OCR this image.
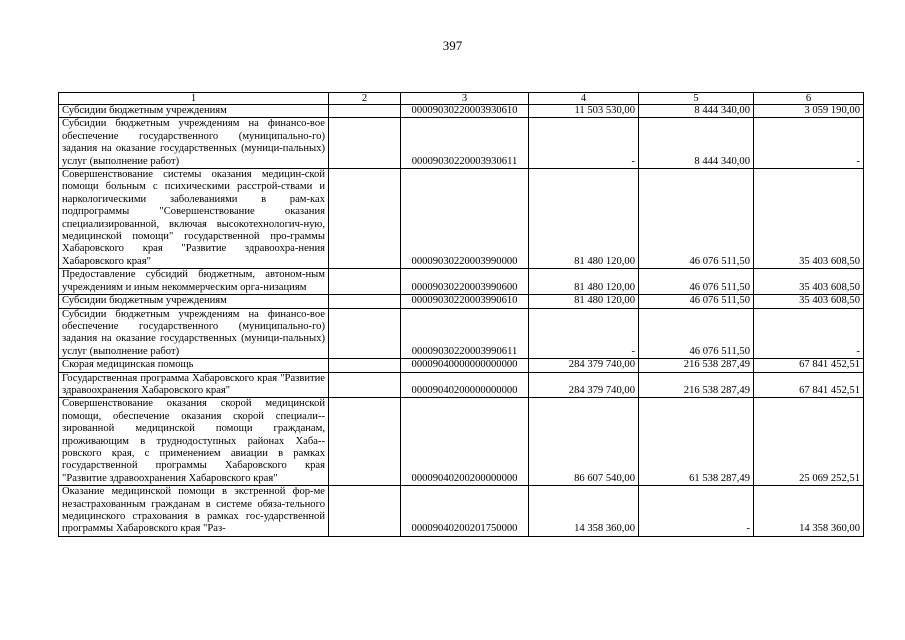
397
1	2	3	4	5	6
Субсидии бюджетным учреждениям		00009030220003930610	11 503 530,00	8 444 340,00	3 059 190,00
Субсидии бюджетным учреждениям на финансо-вое обеспечение государственного (муниципально-го) задания на оказание государственных (муници-пальных) услуг (выполнение работ)		00009030220003930611	-	8 444 340,00	-
Совершенствование системы оказания медицин-ской помощи больным с психическими расстрой-ствами и наркологическими заболеваниями в рам-ках подпрограммы "Совершенствование оказания специализированной, включая высокотехнологич-ную, медицинской помощи" государственной про-граммы Хабаровского края "Развитие здравоохра-нения Хабаровского края"		00009030220003990000	81 480 120,00	46 076 511,50	35 403 608,50
Предоставление субсидий бюджетным, автоном-ным учреждениям и иным некоммерческим орга-низациям		00009030220003990600	81 480 120,00	46 076 511,50	35 403 608,50
Субсидии бюджетным учреждениям		00009030220003990610	81 480 120,00	46 076 511,50	35 403 608,50
Субсидии бюджетным учреждениям на финансо-вое обеспечение государственного (муниципально-го) задания на оказание государственных (муници-пальных) услуг (выполнение работ)		00009030220003990611	-	46 076 511,50	-
Скорая медицинская помощь		00009040000000000000	284 379 740,00	216 538 287,49	67 841 452,51
Государственная программа Хабаровского края "Развитие здравоохранения Хабаровского края"		00009040200000000000	284 379 740,00	216 538 287,49	67 841 452,51
Совершенствование оказания скорой медицинской помощи, обеспечение оказания скорой специали-зированной медицинской помощи гражданам, проживающим в труднодоступных районах Хаба-ровского края, с применением авиации в рамках государственной программы Хабаровского края "Развитие здравоохранения Хабаровского края"		00009040200200000000	86 607 540,00	61 538 287,49	25 069 252,51
Оказание медицинской помощи в экстренной фор-ме незастрахованным гражданам в системе обяза-тельного медицинского страхования в рамках гос-ударственной программы Хабаровского края "Раз-		00009040200201750000	14 358 360,00	-	14 358 360,00
